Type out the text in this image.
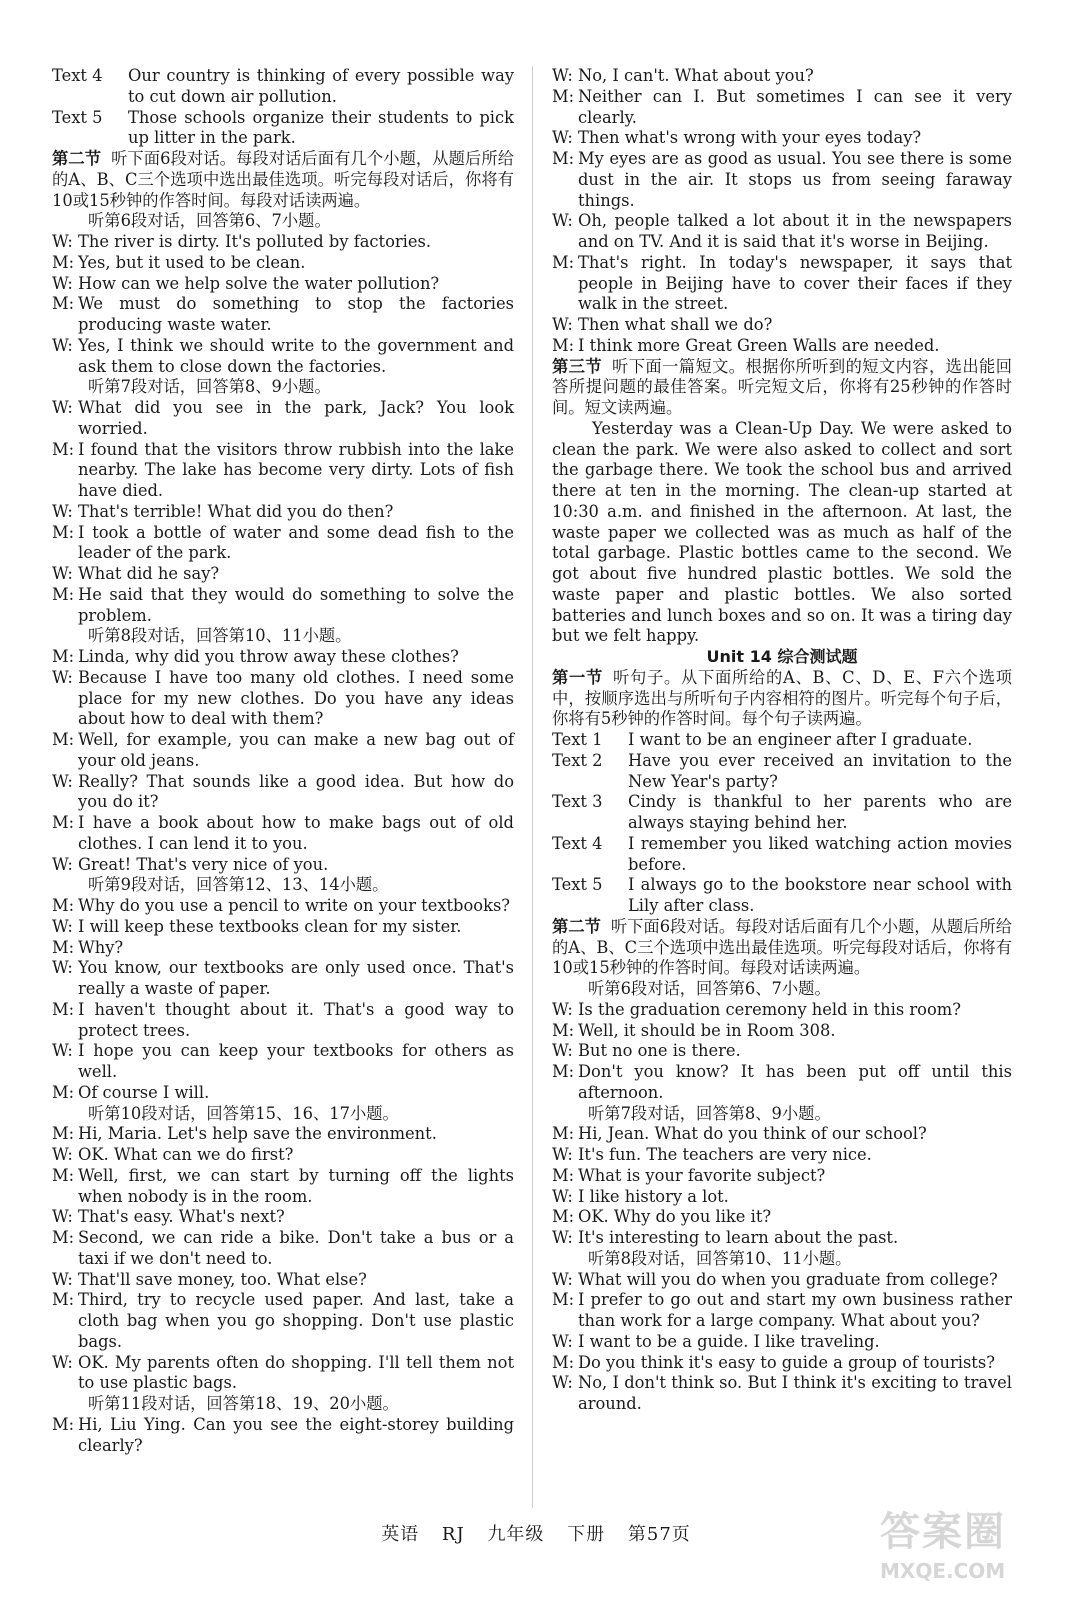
Text 4	Our country is thinking of every possible way to cut down air pollution.
Text 5	Those schools organize their students to pick up litter in the park.
第二节 听下面6段对话。每段对话后面有几个小题，从题后所给的A、B、C三个选项中选出最佳选项。听完每段对话后，你将有10或15秒钟的作答时间。每段对话读两遍。
听第6段对话，回答第6、7小题。
W: The river is dirty. It's polluted by factories.
M: Yes, but it used to be clean.
W: How can we help solve the water pollution?
M: We must do something to stop the factories producing waste water.
W: Yes, I think we should write to the government and ask them to close down the factories.
听第7段对话，回答第8、9小题。
W: What did you see in the park, Jack? You look worried.
M: I found that the visitors throw rubbish into the lake nearby. The lake has become very dirty. Lots of fish have died.
W: That's terrible! What did you do then?
M: I took a bottle of water and some dead fish to the leader of the park.
W: What did he say?
M: He said that they would do something to solve the problem.
听第8段对话，回答第10、11小题。
M: Linda, why did you throw away these clothes?
W: Because I have too many old clothes. I need some place for my new clothes. Do you have any ideas about how to deal with them?
M: Well, for example, you can make a new bag out of your old jeans.
W: Really? That sounds like a good idea. But how do you do it?
M: I have a book about how to make bags out of old clothes. I can lend it to you.
W: Great! That's very nice of you.
听第9段对话，回答第12、13、14小题。
M: Why do you use a pencil to write on your textbooks?
W: I will keep these textbooks clean for my sister.
M: Why?
W: You know, our textbooks are only used once. That's really a waste of paper.
M: I haven't thought about it. That's a good way to protect trees.
W: I hope you can keep your textbooks for others as well.
M: Of course I will.
听第10段对话，回答第15、16、17小题。
M: Hi, Maria. Let's help save the environment.
W: OK. What can we do first?
M: Well, first, we can start by turning off the lights when nobody is in the room.
W: That's easy. What's next?
M: Second, we can ride a bike. Don't take a bus or a taxi if we don't need to.
W: That'll save money, too. What else?
M: Third, try to recycle used paper. And last, take a cloth bag when you go shopping. Don't use plastic bags.
W: OK. My parents often do shopping. I'll tell them not to use plastic bags.
听第11段对话，回答第18、19、20小题。
M: Hi, Liu Ying. Can you see the eight-storey building clearly?
W: No, I can't. What about you?
M: Neither can I. But sometimes I can see it very clearly.
W: Then what's wrong with your eyes today?
M: My eyes are as good as usual. You see there is some dust in the air. It stops us from seeing faraway things.
W: Oh, people talked a lot about it in the newspapers and on TV. And it is said that it's worse in Beijing.
M: That's right. In today's newspaper, it says that people in Beijing have to cover their faces if they walk in the street.
W: Then what shall we do?
M: I think more Great Green Walls are needed.
第三节 听下面一篇短文。根据你所听到的短文内容，选出能回答所提问题的最佳答案。听完短文后，你将有25秒钟的作答时间。短文读两遍。
Yesterday was a Clean-Up Day. We were asked to clean the park. We were also asked to collect and sort the garbage there. We took the school bus and arrived there at ten in the morning. The clean-up started at 10:30 a.m. and finished in the afternoon. At last, the waste paper we collected was as much as half of the total garbage. Plastic bottles came to the second. We got about five hundred plastic bottles. We sold the waste paper and plastic bottles. We also sorted batteries and lunch boxes and so on. It was a tiring day but we felt happy.
Unit 14 综合测试题
第一节 听句子。从下面所给的A、B、C、D、E、F六个选项中，按顺序选出与所听句子内容相符的图片。听完每个句子后，你将有5秒钟的作答时间。每个句子读两遍。
Text 1	I want to be an engineer after I graduate.
Text 2	Have you ever received an invitation to the New Year's party?
Text 3	Cindy is thankful to her parents who are always staying behind her.
Text 4	I remember you liked watching action movies before.
Text 5	I always go to the bookstore near school with Lily after class.
第二节 听下面6段对话。每段对话后面有几个小题，从题后所给的A、B、C三个选项中选出最佳选项。听完每段对话后，你将有10或15秒钟的作答时间。每段对话读两遍。
听第6段对话，回答第6、7小题。
W: Is the graduation ceremony held in this room?
M: Well, it should be in Room 308.
W: But no one is there.
M: Don't you know? It has been put off until this afternoon.
听第7段对话，回答第8、9小题。
M: Hi, Jean. What do you think of our school?
W: It's fun. The teachers are very nice.
M: What is your favorite subject?
W: I like history a lot.
M: OK. Why do you like it?
W: It's interesting to learn about the past.
听第8段对话，回答第10、11小题。
W: What will you do when you graduate from college?
M: I prefer to go out and start my own business rather than work for a large company. What about you?
W: I want to be a guide. I like traveling.
M: Do you think it's easy to guide a group of tourists?
W: No, I don't think so. But I think it's exciting to travel around.
英语 RJ 九年级 下册 第57页	答案圈
MXQE.COM
